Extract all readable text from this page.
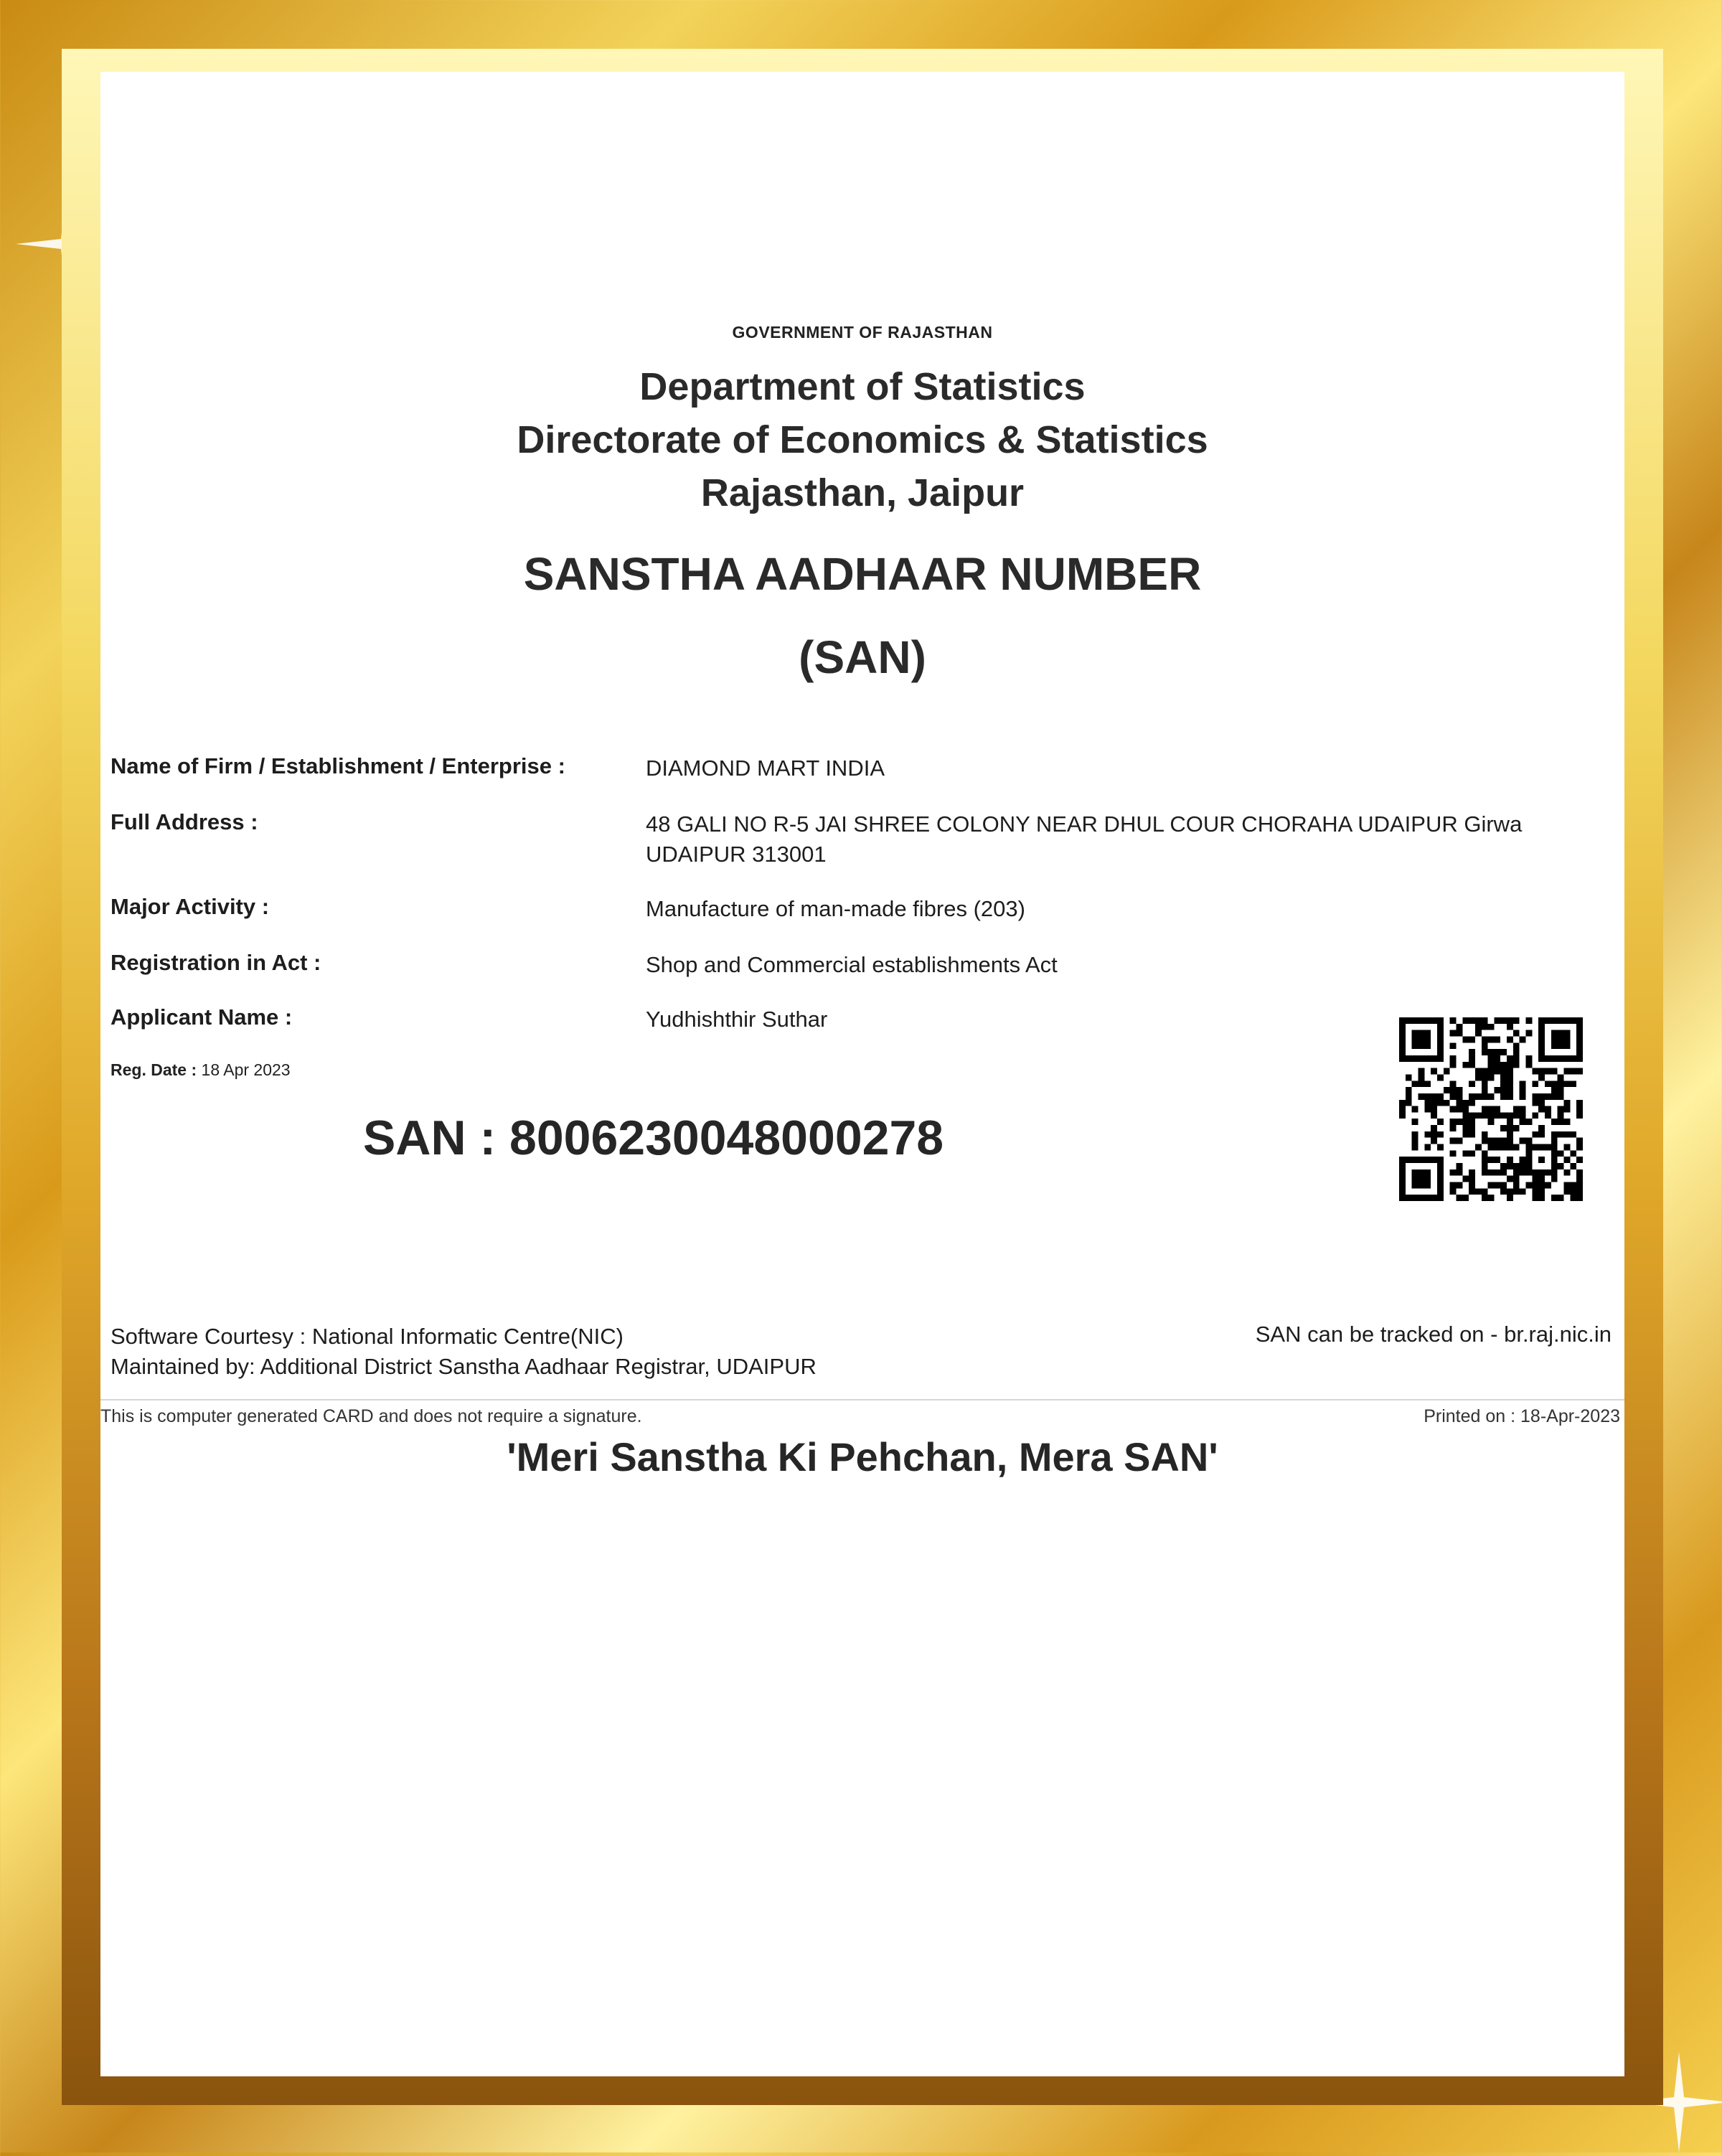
GOVERNMENT OF RAJASTHAN
Department of Statistics
Directorate of Economics & Statistics
Rajasthan, Jaipur
SANSTHA AADHAAR NUMBER
(SAN)
Name of Firm / Establishment / Enterprise :	DIAMOND MART INDIA
Full Address :	48 GALI NO R-5 JAI SHREE COLONY NEAR DHUL COUR CHORAHA UDAIPUR Girwa UDAIPUR 313001
Major Activity :	Manufacture of man-made fibres (203)
Registration in Act :	Shop and Commercial establishments Act
Applicant Name :	Yudhishthir Suthar
Reg. Date : 18 Apr 2023
SAN : 8006230048000278
Software Courtesy : National Informatic Centre(NIC)
Maintained by: Additional District Sanstha Aadhaar Registrar, UDAIPUR
SAN can be tracked on - br.raj.nic.in
This is computer generated CARD and does not require a signature.	Printed on : 18-Apr-2023
'Meri Sanstha Ki Pehchan, Mera SAN'
